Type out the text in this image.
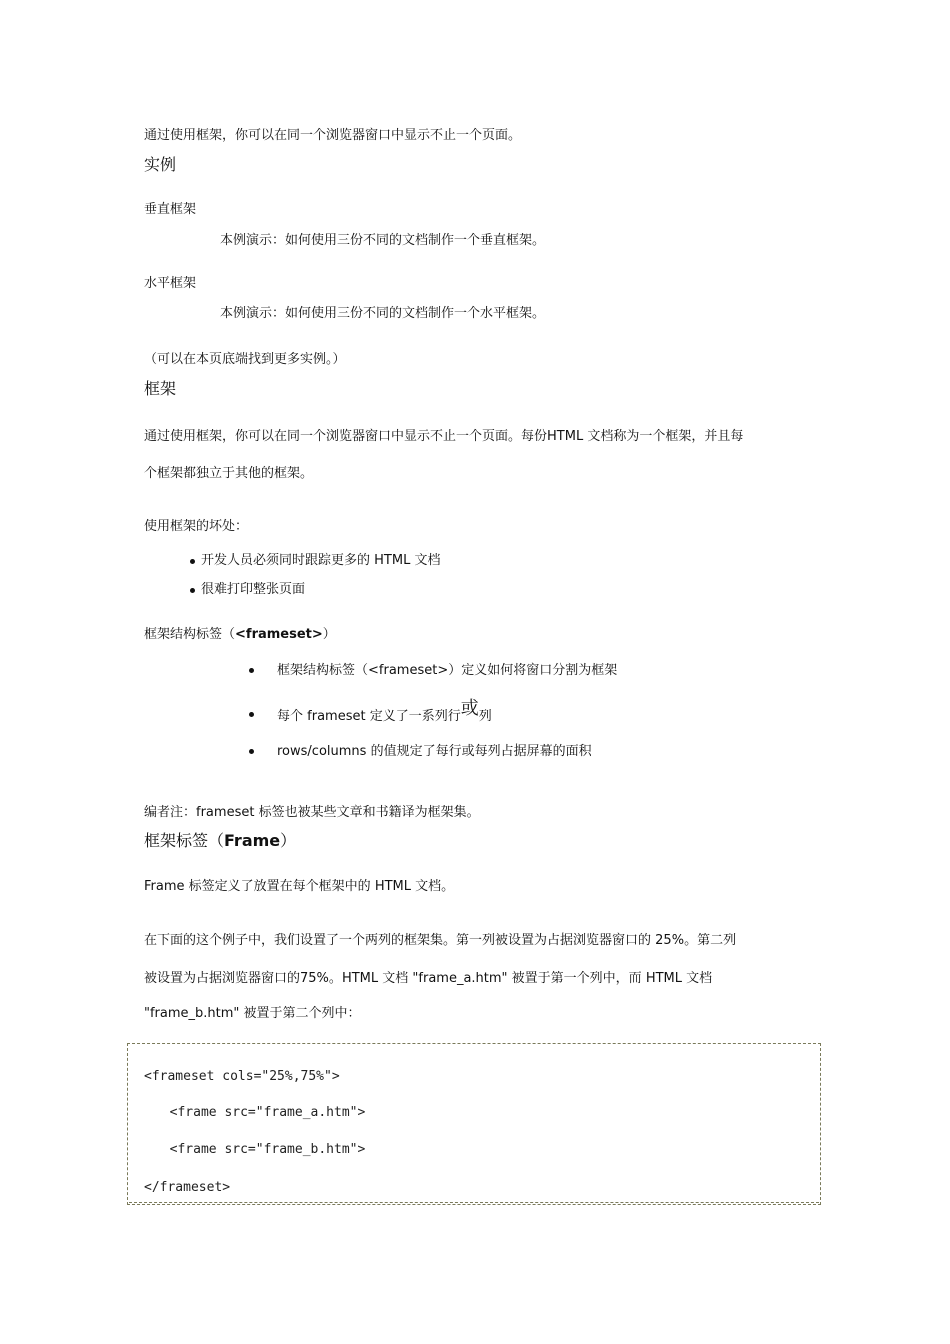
通过使用框架，你可以在同一个浏览器窗口中显示不止一个页面。
实例
垂直框架
本例演示：如何使用三份不同的文档制作一个垂直框架。
水平框架
本例演示：如何使用三份不同的文档制作一个水平框架。
（可以在本页底端找到更多实例。）
框架
通过使用框架，你可以在同一个浏览器窗口中显示不止一个页面。每份HTML 文档称为一个框架，并且每
个框架都独立于其他的框架。
使用框架的坏处：
开发人员必须同时跟踪更多的 HTML 文档
很难打印整张页面
框架结构标签（<frameset>）
框架结构标签（<frameset>）定义如何将窗口分割为框架
每个 frameset 定义了一系列行或列
rows/columns 的值规定了每行或每列占据屏幕的面积
编者注：frameset 标签也被某些文章和书籍译为框架集。
框架标签（Frame）
Frame 标签定义了放置在每个框架中的 HTML 文档。
在下面的这个例子中，我们设置了一个两列的框架集。第一列被设置为占据浏览器窗口的 25%。第二列
被设置为占据浏览器窗口的75%。HTML 文档 "frame_a.htm" 被置于第一个列中，而 HTML 文档
"frame_b.htm" 被置于第二个列中：
<frameset cols="25%,75%">
<frame src="frame_a.htm">
<frame src="frame_b.htm">
</frameset>
